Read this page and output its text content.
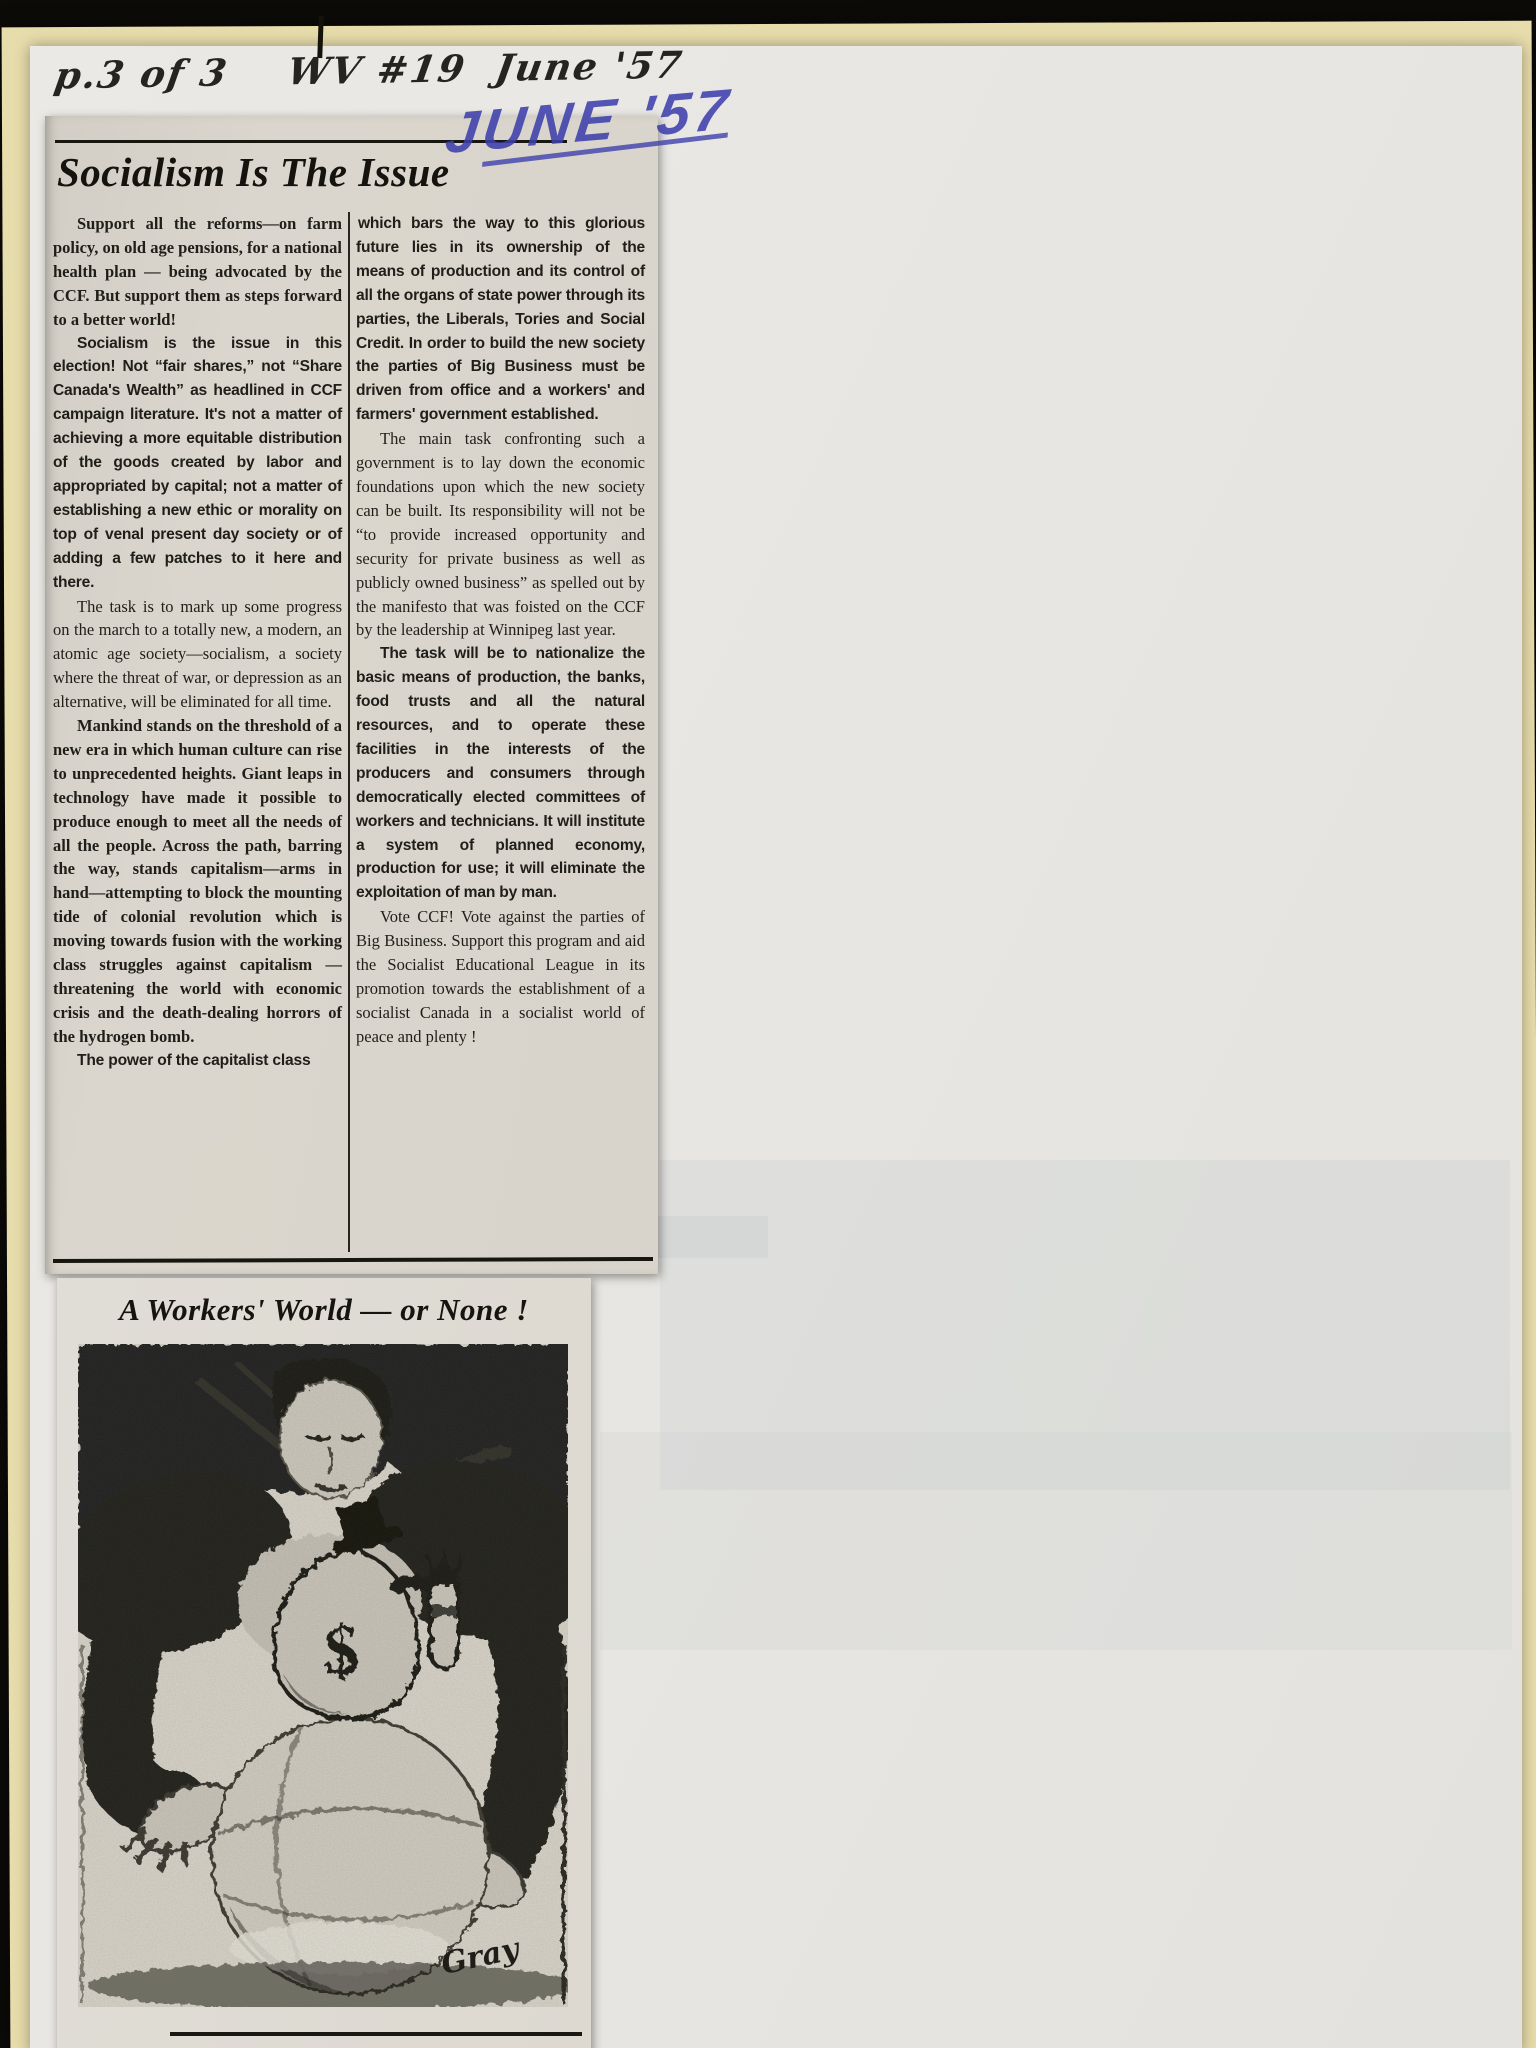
p.3 of 3    WV #19  June '57
Socialism Is The Issue

Support all the reforms—on farm policy, on old age pensions, for a national health plan — being advocated by the CCF. But support them as steps forward to a better world!

Socialism is the issue in this election! Not “fair shares,” not “Share Canada's Wealth” as headlined in CCF campaign literature. It's not a matter of achieving a more equitable distribution of the goods created by labor and appropriated by capital; not a matter of establishing a new ethic or morality on top of venal present day society or of adding a few patches to it here and there.

The task is to mark up some progress on the march to a totally new, a modern, an atomic age society—socialism, a society where the threat of war, or depression as an alternative, will be eliminated for all time.

Mankind stands on the threshold of a new era in which human culture can rise to unprecedented heights. Giant leaps in technology have made it possible to produce enough to meet all the needs of all the people. Across the path, barring the way, stands capitalism—arms in hand—attempting to block the mounting tide of colonial revolution which is moving towards fusion with the working class struggles against capitalism — threatening the world with economic crisis and the death-dealing horrors of the hydrogen bomb.

The power of the capitalist class

which bars the way to this glorious future lies in its ownership of the means of production and its control of all the organs of state power through its parties, the Liberals, Tories and Social Credit. In order to build the new society the parties of Big Business must be driven from office and a workers' and farmers' government established.

The main task confronting such a government is to lay down the economic foundations upon which the new society can be built. Its responsibility will not be “to provide increased opportunity and security for private business as well as publicly owned business” as spelled out by the manifesto that was foisted on the CCF by the leadership at Winnipeg last year.

The task will be to nationalize the basic means of production, the banks, food trusts and all the natural resources, and to operate these facilities in the interests of the producers and consumers through democratically elected committees of workers and technicians. It will institute a system of planned economy, production for use; it will eliminate the exploitation of man by man.

Vote CCF! Vote against the parties of Big Business. Support this program and aid the Socialist Educational League in its promotion towards the establishment of a socialist Canada in a socialist world of peace and plenty !

JUNE '57
A Workers' World — or None !
